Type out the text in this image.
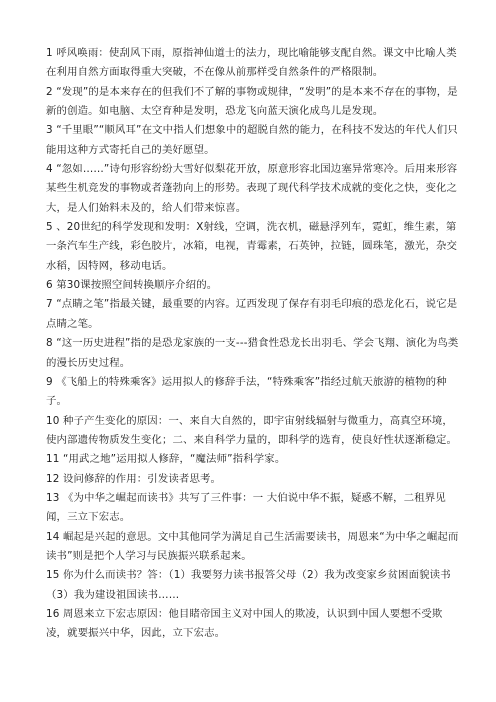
1 呼风唤雨：使刮风下雨，原指神仙道士的法力，现比喻能够支配自然。课文中比喻人类在利用自然方面取得重大突破，不在像从前那样受自然条件的严格限制。

2 “发现”的是本来存在的但我们不了解的事物或规律，“发明”的是本来不存在的事物，是新的创造。如电脑、太空育种是发明，恐龙飞向蓝天演化成鸟儿是发现。

3 “千里眼”“顺风耳”在文中指人们想象中的超脱自然的能力，在科技不发达的年代人们只能用这种方式寄托自己的美好愿望。

4 “忽如……”诗句形容纷纷大雪好似梨花开放，原意形容北国边塞异常寒冷。后用来形容某些生机竞发的事物或者蓬勃向上的形势。表现了现代科学技术成就的变化之快，变化之大，是人们始料未及的，给人们带来惊喜。

5 、20世纪的科学发现和发明：X射线，空调，洗衣机，磁悬浮列车，霓虹，维生素，第一条汽车生产线，彩色胶片，冰箱，电视，青霉素，石英钟，拉链，圆珠笔，激光，杂交水稻，因特网，移动电话。

6 第30课按照空间转换顺序介绍的。

7 “点睛之笔”指最关键，最重要的内容。辽西发现了保存有羽毛印痕的恐龙化石，说它是点睛之笔。

8 “这一历史进程”指的是恐龙家族的一支---猎食性恐龙长出羽毛、学会飞翔、演化为鸟类的漫长历史过程。

9 《飞船上的特殊乘客》运用拟人的修辞手法，“特殊乘客”指经过航天旅游的植物的种子。

10 种子产生变化的原因：一、来自大自然的，即宇宙射线辐射与微重力，高真空环境，使内部遗传物质发生变化；二、来自科学力量的，即科学的选育，使良好性状逐渐稳定。

11 “用武之地”运用拟人修辞，“魔法师”指科学家。

12 设问修辞的作用：引发读者思考。

13 《为中华之崛起而读书》共写了三件事：一 大伯说中华不振，疑惑不解，二租界见闻，三立下宏志。

14 崛起是兴起的意思。文中其他同学为满足自己生活需要读书，周恩来“为中华之崛起而读书”则是把个人学习与民族振兴联系起来。

15 你为什么而读书？答：（1）我要努力读书报答父母（2）我为改变家乡贫困面貌读书（3）我为建设祖国读书……

16 周恩来立下宏志原因：他目睹帝国主义对中国人的欺凌，认识到中国人要想不受欺凌，就要振兴中华，因此，立下宏志。
